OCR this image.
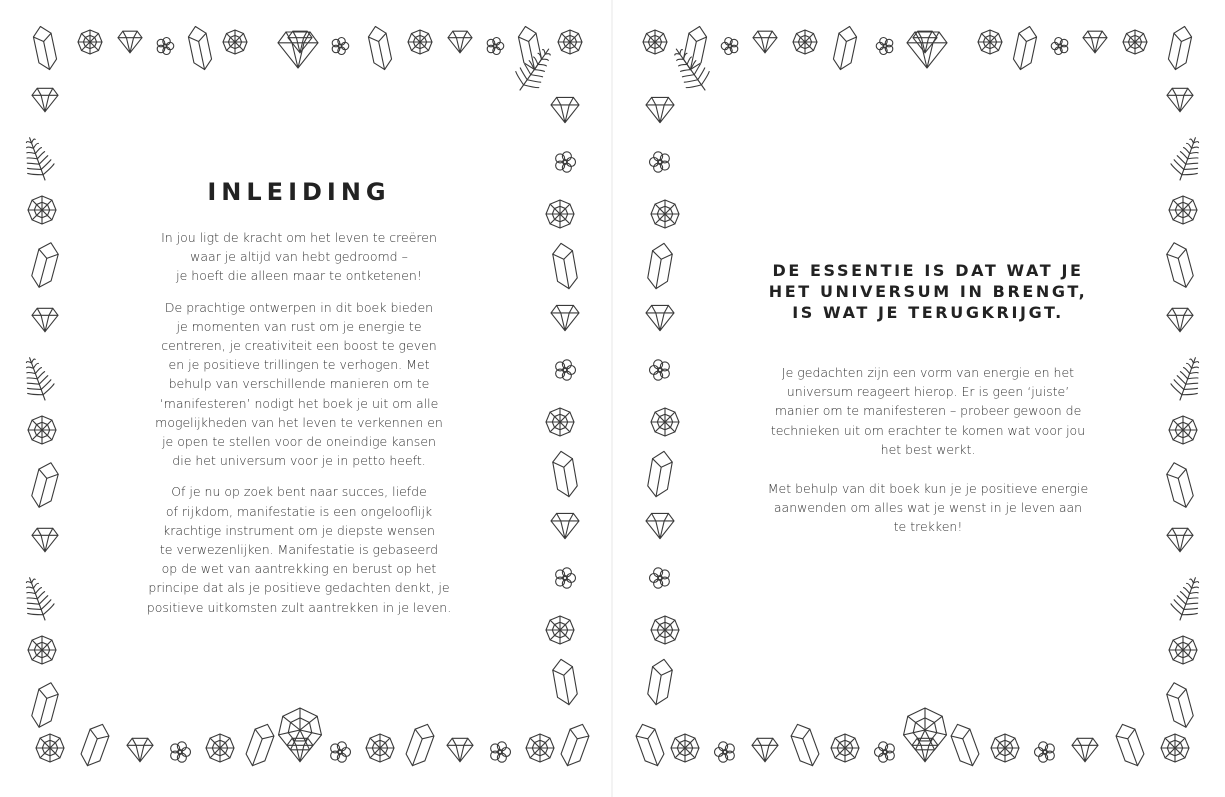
INLEIDING

In jou ligt de kracht om het leven te creëren
waar je altijd van hebt gedroomd –
je hoeft die alleen maar te ontketenen!

De prachtige ontwerpen in dit boek bieden
je momenten van rust om je energie te
centreren, je creativiteit een boost te geven
en je positieve trillingen te verhogen. Met
behulp van verschillende manieren om te
‘manifesteren’ nodigt het boek je uit om alle
mogelijkheden van het leven te verkennen en
je open te stellen voor de oneindige kansen
die het universum voor je in petto heeft.

Of je nu op zoek bent naar succes, liefde
of rijkdom, manifestatie is een ongelooflijk
krachtige instrument om je diepste wensen
te verwezenlijken. Manifestatie is gebaseerd
op de wet van aantrekking en berust op het
principe dat als je positieve gedachten denkt, je
positieve uitkomsten zult aantrekken in je leven.

DE ESSENTIE IS DAT WAT JE
HET UNIVERSUM IN BRENGT,
IS WAT JE TERUGKRIJGT.

Je gedachten zijn een vorm van energie en het
universum reageert hierop. Er is geen ‘juiste’
manier om te manifesteren – probeer gewoon de
technieken uit om erachter te komen wat voor jou
het best werkt.

Met behulp van dit boek kun je je positieve energie
aanwenden om alles wat je wenst in je leven aan
te trekken!
